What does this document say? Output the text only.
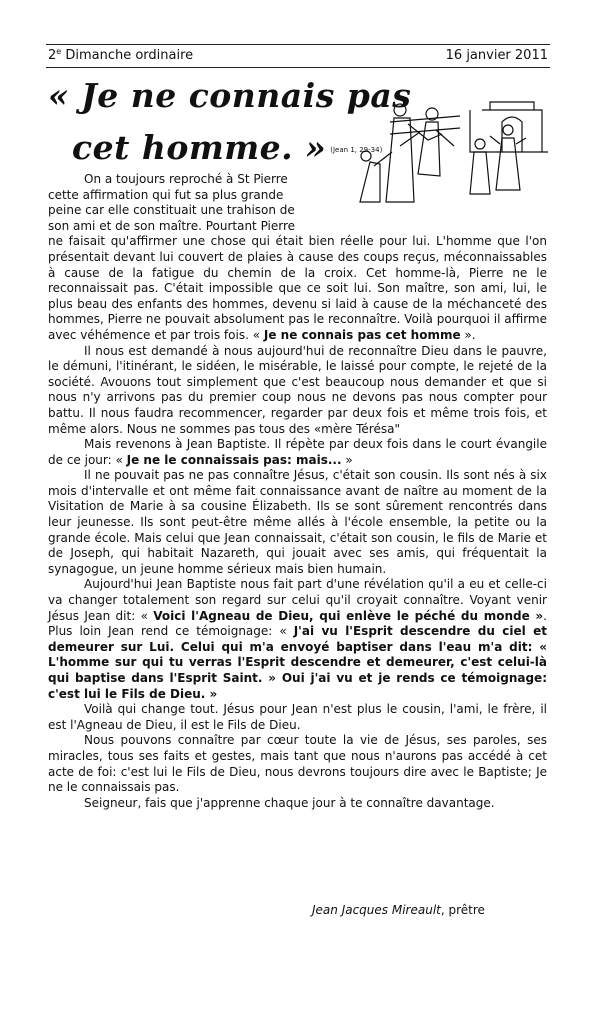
2e Dimanche ordinaire	16 janvier 2011
« Je ne connais pas
cet homme. » (Jean 1, 29-34)
On a toujours reproché à St Pierre
cette affirmation qui fut sa plus grande
peine car elle constituait une trahison de
son ami et de son maître. Pourtant Pierre

ne faisait qu'affirmer une chose qui était bien réelle pour lui. L'homme que l'on présentait devant lui couvert de plaies à cause des coups reçus, méconnaissables à cause de la fatigue du chemin de la croix. Cet homme-là, Pierre ne le reconnaissait pas. C'était impossible que ce soit lui. Son maître, son ami, lui, le plus beau des enfants des hommes, devenu si laid à cause de la méchanceté des hommes, Pierre ne pouvait absolument pas le reconnaître. Voilà pourquoi il affirme avec véhémence et par trois fois. « Je ne connais pas cet homme ».

Il nous est demandé à nous aujourd'hui de reconnaître Dieu dans le pauvre, le démuni, l'itinérant, le sidéen, le misérable, le laissé pour compte, le rejeté de la société. Avouons tout simplement que c'est beaucoup nous demander et que si nous n'y arrivons pas du premier coup nous ne devons pas nous compter pour battu. Il nous faudra recommencer, regarder par deux fois et même trois fois, et même alors. Nous ne sommes pas tous des «mère Térésa"

Mais revenons à Jean Baptiste. Il répète par deux fois dans le court évangile de ce jour: « Je ne le connaissais pas: mais... »

Il ne pouvait pas ne pas connaître Jésus, c'était son cousin. Ils sont nés à six mois d'intervalle et ont même fait connaissance avant de naître au moment de la Visitation de Marie à sa cousine Élizabeth. Ils se sont sûrement rencontrés dans leur jeunesse. Ils sont peut-être même allés à l'école ensemble, la petite ou la grande école. Mais celui que Jean connaissait, c'était son cousin, le fils de Marie et de Joseph, qui habitait Nazareth, qui jouait avec ses amis, qui fréquentait la synagogue, un jeune homme sérieux mais bien humain.

Aujourd'hui Jean Baptiste nous fait part d'une révélation qu'il a eu et celle-ci va changer totalement son regard sur celui qu'il croyait connaître. Voyant venir Jésus Jean dit: « Voici l'Agneau de Dieu, qui enlève le péché du monde ». Plus loin Jean rend ce témoignage: « J'ai vu l'Esprit descendre du ciel et demeurer sur Lui. Celui qui m'a envoyé baptiser dans l'eau m'a dit: « L'homme sur qui tu verras l'Esprit descendre et demeurer, c'est celui-là qui baptise dans l'Esprit Saint. » Oui j'ai vu et je rends ce témoignage: c'est lui le Fils de Dieu. »

Voilà qui change tout. Jésus pour Jean n'est plus le cousin, l'ami, le frère, il est l'Agneau de Dieu, il est le Fils de Dieu.

Nous pouvons connaître par cœur toute la vie de Jésus, ses paroles, ses miracles, tous ses faits et gestes, mais tant que nous n'aurons pas accédé à cet acte de foi: c'est lui le Fils de Dieu, nous devrons toujours dire avec le Baptiste; Je ne le connaissais pas.

Seigneur, fais que j'apprenne chaque jour à te connaître davantage.

Jean Jacques Mireault, prêtre
